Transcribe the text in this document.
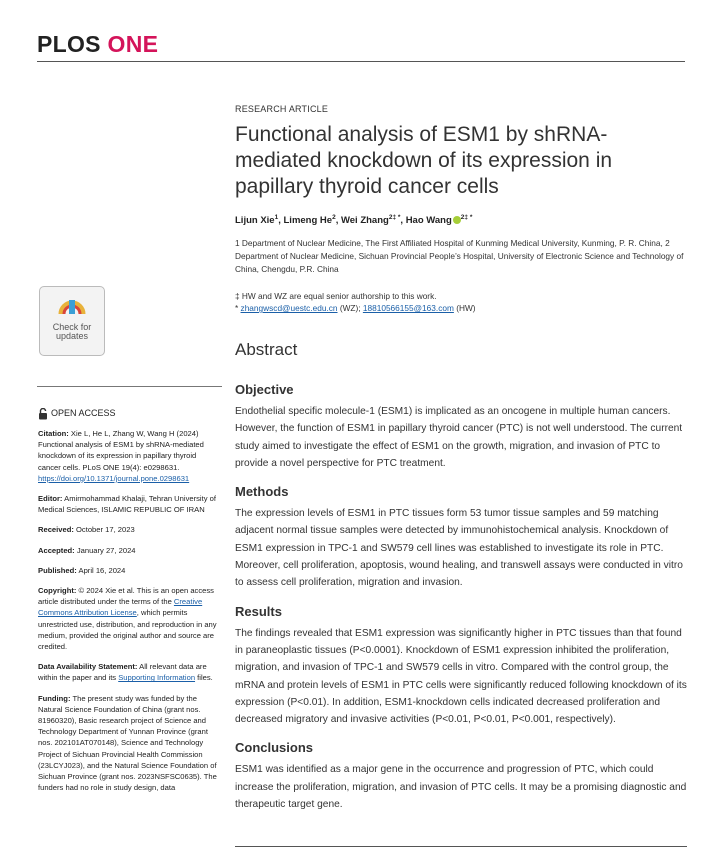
PLOS ONE
RESEARCH ARTICLE
Functional analysis of ESM1 by shRNA-mediated knockdown of its expression in papillary thyroid cancer cells
Lijun Xie$^1$, Limeng He$^2$, Wei Zhang$^{2\ddagger *}$, Hao Wang $^{2\ddagger *}$
1 Department of Nuclear Medicine, The First Affiliated Hospital of Kunming Medical University, Kunming, P. R. China, 2 Department of Nuclear Medicine, Sichuan Provincial People’s Hospital, University of Electronic Science and Technology of China, Chengdu, P.R. China
‡ HW and WZ are equal senior authorship to this work.
* zhangwscd@uestc.edu.cn (WZ); 18810566155@163.com (HW)
Check for
updates
OPEN ACCESS

Citation: Xie L, He L, Zhang W, Wang H (2024) Functional analysis of ESM1 by shRNA-mediated knockdown of its expression in papillary thyroid cancer cells. PLoS ONE 19(4): e0298631. https://doi.org/10.1371/journal.pone.0298631

Editor: Amirmohammad Khalaji, Tehran University of Medical Sciences, ISLAMIC REPUBLIC OF IRAN

Received: October 17, 2023

Accepted: January 27, 2024

Published: April 16, 2024

Copyright: © 2024 Xie et al. This is an open access article distributed under the terms of the Creative Commons Attribution License, which permits unrestricted use, distribution, and reproduction in any medium, provided the original author and source are credited.

Data Availability Statement: All relevant data are within the paper and its Supporting Information files.

Funding: The present study was funded by the Natural Science Foundation of China (grant nos. 81960320), Basic research project of Science and Technology Department of Yunnan Province (grant nos. 202101AT070148), Science and Technology Project of Sichuan Provincial Health Commission (23LCYJ023), and the Natural Science Foundation of Sichuan Province (grant nos. 2023NSFSC0635). The funders had no role in study design, data

Abstract
Objective

Endothelial specific molecule-1 (ESM1) is implicated as an oncogene in multiple human cancers. However, the function of ESM1 in papillary thyroid cancer (PTC) is not well understood. The current study aimed to investigate the effect of ESM1 on the growth, migration, and invasion of PTC to provide a novel perspective for PTC treatment.

Methods

The expression levels of ESM1 in PTC tissues form 53 tumor tissue samples and 59 matching adjacent normal tissue samples were detected by immunohistochemical analysis. Knockdown of ESM1 expression in TPC-1 and SW579 cell lines was established to investigate its role in PTC. Moreover, cell proliferation, apoptosis, wound healing, and transwell assays were conducted in vitro to assess cell proliferation, migration and invasion.

Results

The findings revealed that ESM1 expression was significantly higher in PTC tissues than that found in paraneoplastic tissues (P<0.0001). Knockdown of ESM1 expression inhibited the proliferation, migration, and invasion of TPC-1 and SW579 cells in vitro. Compared with the control group, the mRNA and protein levels of ESM1 in PTC cells were significantly reduced following knockdown of its expression (P<0.01). In addition, ESM1-knockdown cells indicated decreased proliferation and decreased migratory and invasive activities (P<0.01, P<0.01, P<0.001, respectively).

Conclusions

ESM1 was identified as a major gene in the occurrence and progression of PTC, which could increase the proliferation, migration, and invasion of PTC cells. It may be a promising diagnostic and therapeutic target gene.
